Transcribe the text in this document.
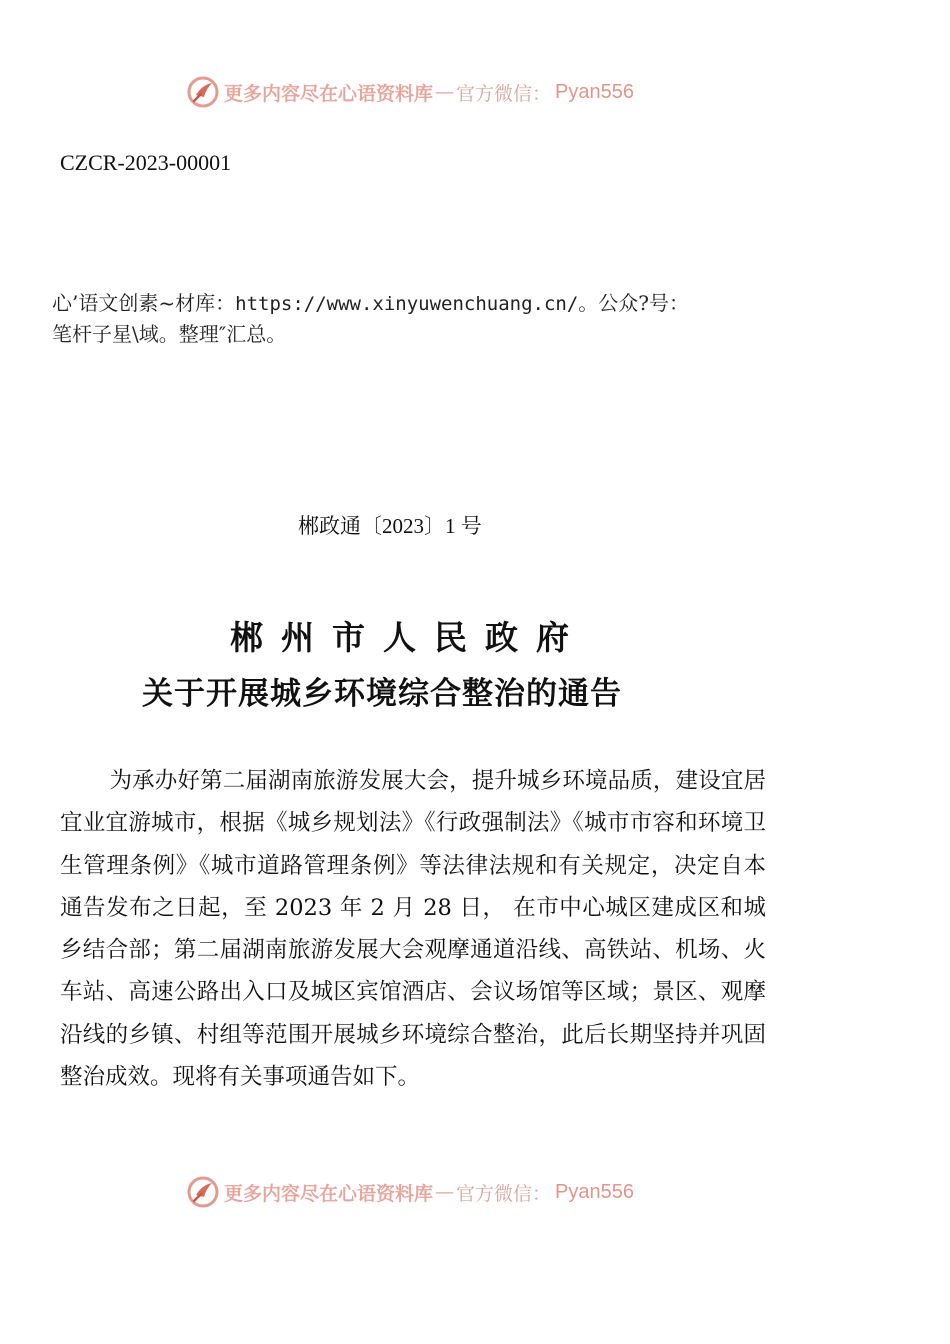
更多内容尽在心语资料库 — 官方微信： Pyan556
CZCR-2023-00001
心’语文创素~材库：https://www.xinyuwenchuang.cn/。公众?号：
笔杆子星\域。整理″汇总。
郴政通〔2023〕1 号
郴州市人民政府
关于开展城乡环境综合整治的通告
为承办好第二届湖南旅游发展大会，提升城乡环境品质，建设宜居宜业宜游城市，根据《城乡规划法》《行政强制法》《城市市容和环境卫生管理条例》《城市道路管理条例》等法律法规和有关规定，决定自本通告发布之日起，至 2023 年 2 月 28 日， 在市中心城区建成区和城乡结合部；第二届湖南旅游发展大会观摩通道沿线、高铁站、机场、火车站、高速公路出入口及城区宾馆酒店、会议场馆等区域；景区、观摩沿线的乡镇、村组等范围开展城乡环境综合整治，此后长期坚持并巩固整治成效。现将有关事项通告如下。
更多内容尽在心语资料库 — 官方微信： Pyan556
